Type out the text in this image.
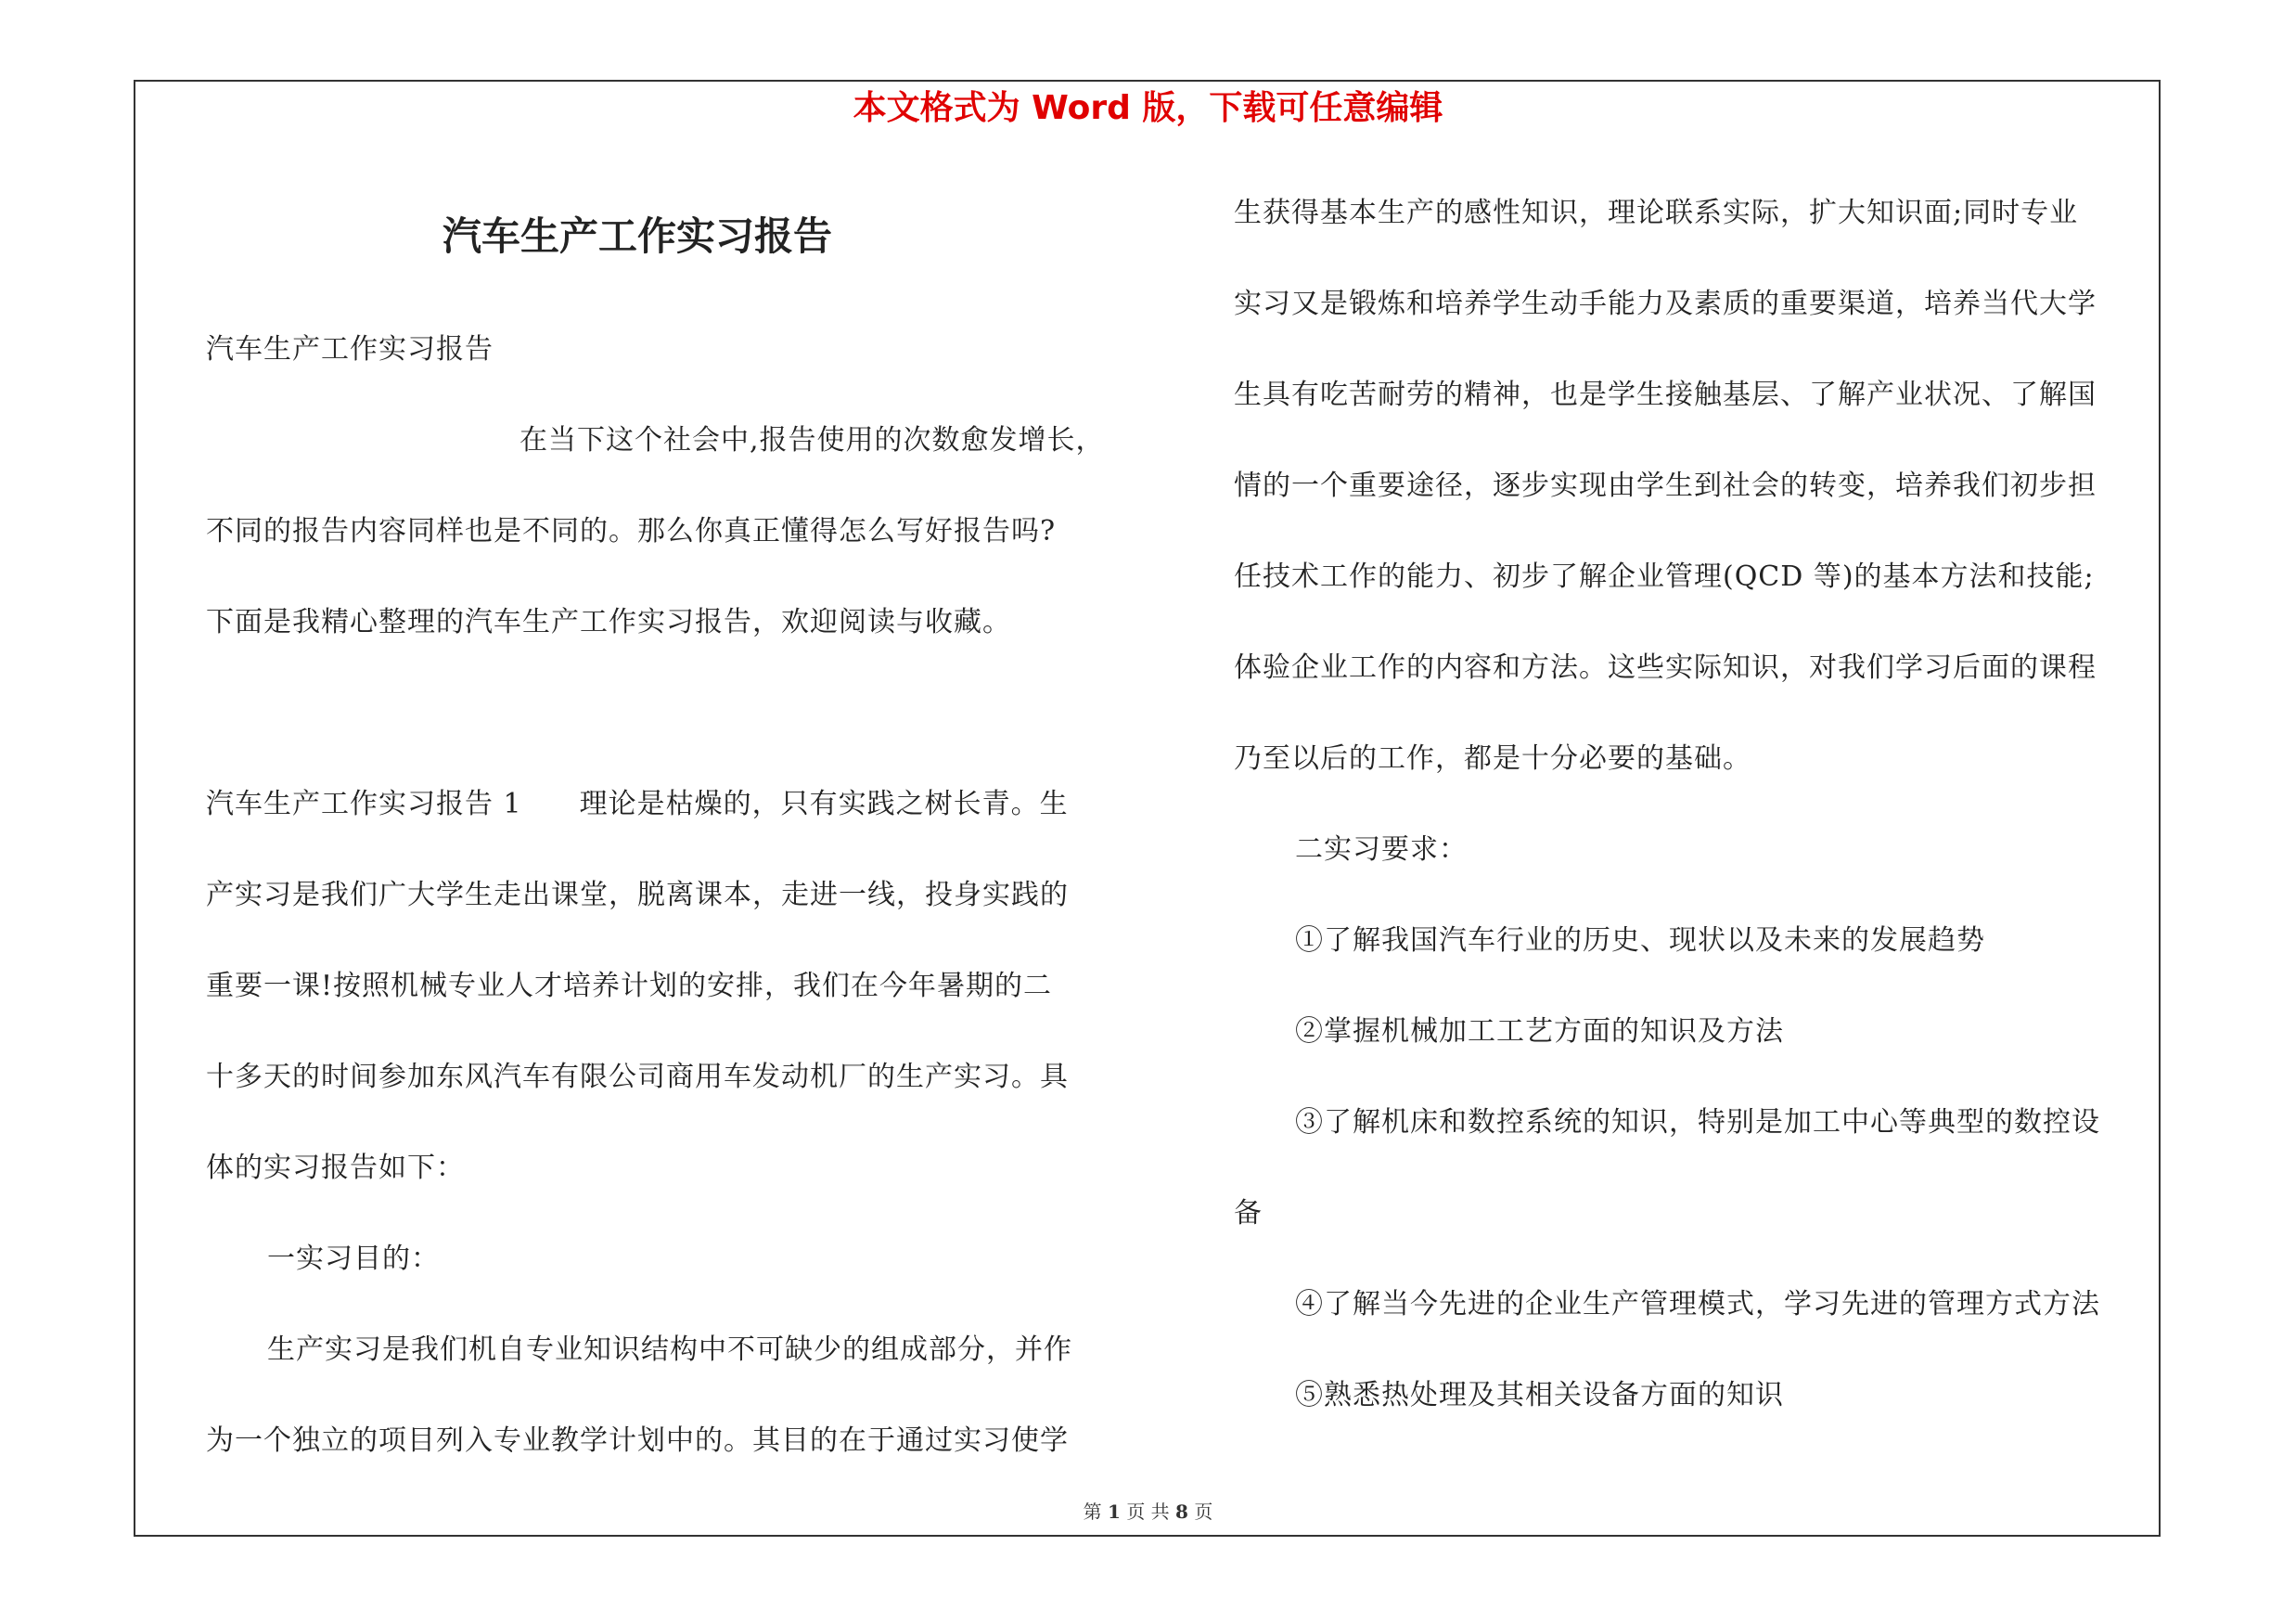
本文格式为 Word 版，下载可任意编辑
汽车生产工作实习报告
汽车生产工作实习报告
在当下这个社会中,报告使用的次数愈发增长，
不同的报告内容同样也是不同的。那么你真正懂得怎么写好报告吗?
下面是我精心整理的汽车生产工作实习报告，欢迎阅读与收藏。
汽车生产工作实习报告 1　　理论是枯燥的，只有实践之树长青。生
产实习是我们广大学生走出课堂，脱离课本，走进一线，投身实践的
重要一课!按照机械专业人才培养计划的安排，我们在今年暑期的二
十多天的时间参加东风汽车有限公司商用车发动机厂的生产实习。具
体的实习报告如下：
一实习目的：
生产实习是我们机自专业知识结构中不可缺少的组成部分，并作
为一个独立的项目列入专业教学计划中的。其目的在于通过实习使学
生获得基本生产的感性知识，理论联系实际，扩大知识面;同时专业
实习又是锻炼和培养学生动手能力及素质的重要渠道，培养当代大学
生具有吃苦耐劳的精神，也是学生接触基层、了解产业状况、了解国
情的一个重要途径，逐步实现由学生到社会的转变，培养我们初步担
任技术工作的能力、初步了解企业管理(QCD 等)的基本方法和技能;
体验企业工作的内容和方法。这些实际知识，对我们学习后面的课程
乃至以后的工作，都是十分必要的基础。
二实习要求：
①了解我国汽车行业的历史、现状以及未来的发展趋势
②掌握机械加工工艺方面的知识及方法
③了解机床和数控系统的知识，特别是加工中心等典型的数控设
备
④了解当今先进的企业生产管理模式，学习先进的管理方式方法
⑤熟悉热处理及其相关设备方面的知识
第 1 页 共 8 页
